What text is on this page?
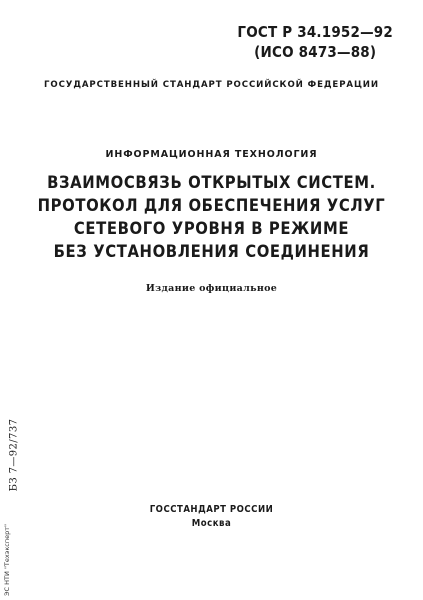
ГОСТ Р 34.1952—92
(ИСО 8473—88)
ГОСУДАРСТВЕННЫЙ СТАНДАРТ РОССИЙСКОЙ ФЕДЕРАЦИИ
ИНФОРМАЦИОННАЯ ТЕХНОЛОГИЯ
ВЗАИМОСВЯЗЬ ОТКРЫТЫХ СИСТЕМ.
ПРОТОКОЛ ДЛЯ ОБЕСПЕЧЕНИЯ УСЛУГ
СЕТЕВОГО УРОВНЯ В РЕЖИМЕ
БЕЗ УСТАНОВЛЕНИЯ СОЕДИНЕНИЯ
Издание официальное
БЗ 7—92/737
ЭС НТИ "Техэксперт"
ГОССТАНДАРТ РОССИИ
Москва
